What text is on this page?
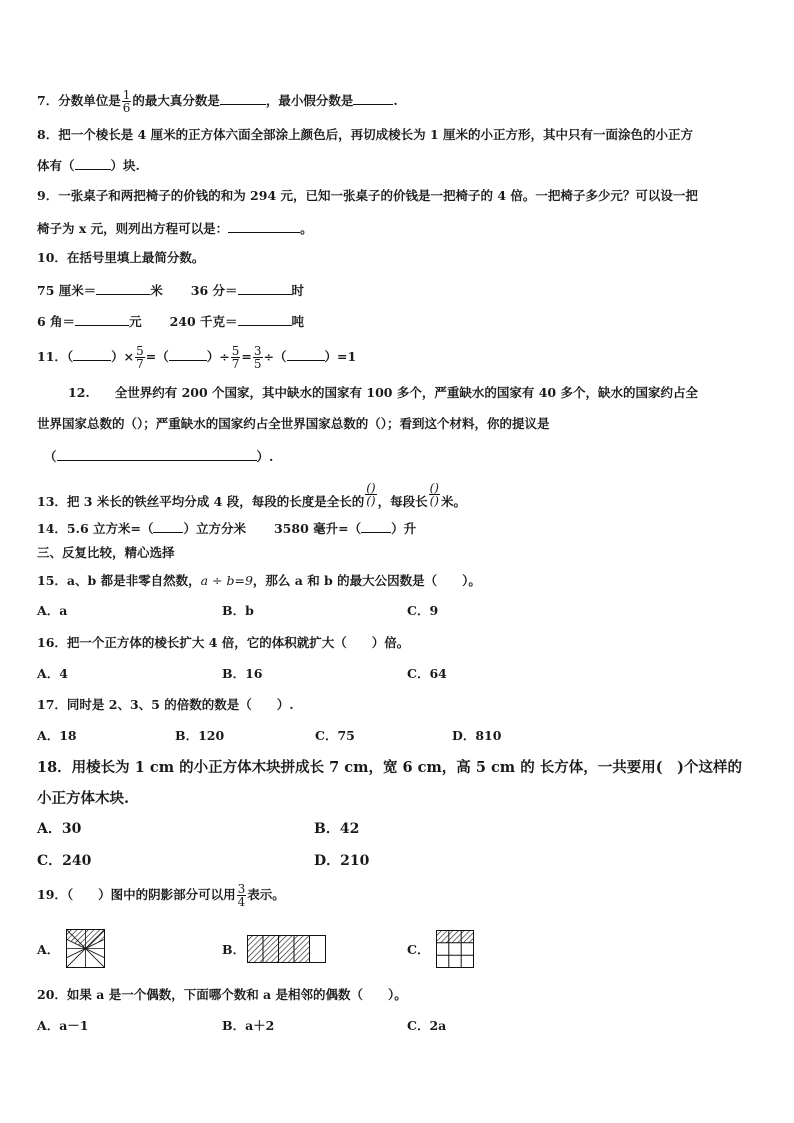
7．分数单位是 $\frac{1}{6}$ 的最大真分数是	，最小假分数是	.
8．把一个棱长是 4 厘米的正方体六面全部涂上颜色后，再切成棱长为 1 厘米的小正方形，其中只有一面涂色的小正方
体有（	）块.
9．一张桌子和两把椅子的价钱的和为 294 元，已知一张桌子的价钱是一把椅子的 4 倍。一把椅子多少元？可以设一把
椅子为 x 元，则列出方程可以是：	。
10．在括号里填上最简分数。
75 厘米＝	米 36 分＝	时
6 角＝	元 240 千克＝	吨
11．（	）× $\frac{5}{7}$ =（	）÷ $\frac{5}{7} = \frac{3}{5}$ ÷（	）=1
12.　　全世界约有 200 个国家，其中缺水的国家有 100 多个，严重缺水的国家有 40 多个，缺水的国家约占全
世界国家总数的（）；严重缺水的国家约占全世界国家总数的（）；看到这个材料，你的提议是
（	）.
13．把 3 米长的铁丝平均分成 4 段，每段的长度是全长的 $\frac{()}{()}$ ，每段长 $\frac{()}{()}$ 米。
14．5.6 立方米=（ ）立方分米 3580 毫升=（ ）升
三、反复比较，精心选择
15．a、b 都是非零自然数，a ÷ b=9，那么 a 和 b 的最大公因数是（　　）。
A．a	B．b	C．9
16．把一个正方体的棱长扩大 4 倍，它的体积就扩大（　　）倍。
A．4	B．16	C．64
17．同时是 2、3、5 的倍数的数是（　　）.
A．18	B．120	C．75	D．810
18．用棱长为 1 cm 的小正方体木块拼成长 7 cm，宽 6 cm，高 5 cm 的 长方体，一共要用(　)个这样的
小正方体木块.
A．30	B．42
C．240	D．210
19．（　　）图中的阴影部分可以用 $\frac{3}{4}$ 表示。
A．	B．	C．
20．如果 a 是一个偶数，下面哪个数和 a 是相邻的偶数（　　）。
A．a－1	B．a＋2	C．2a
